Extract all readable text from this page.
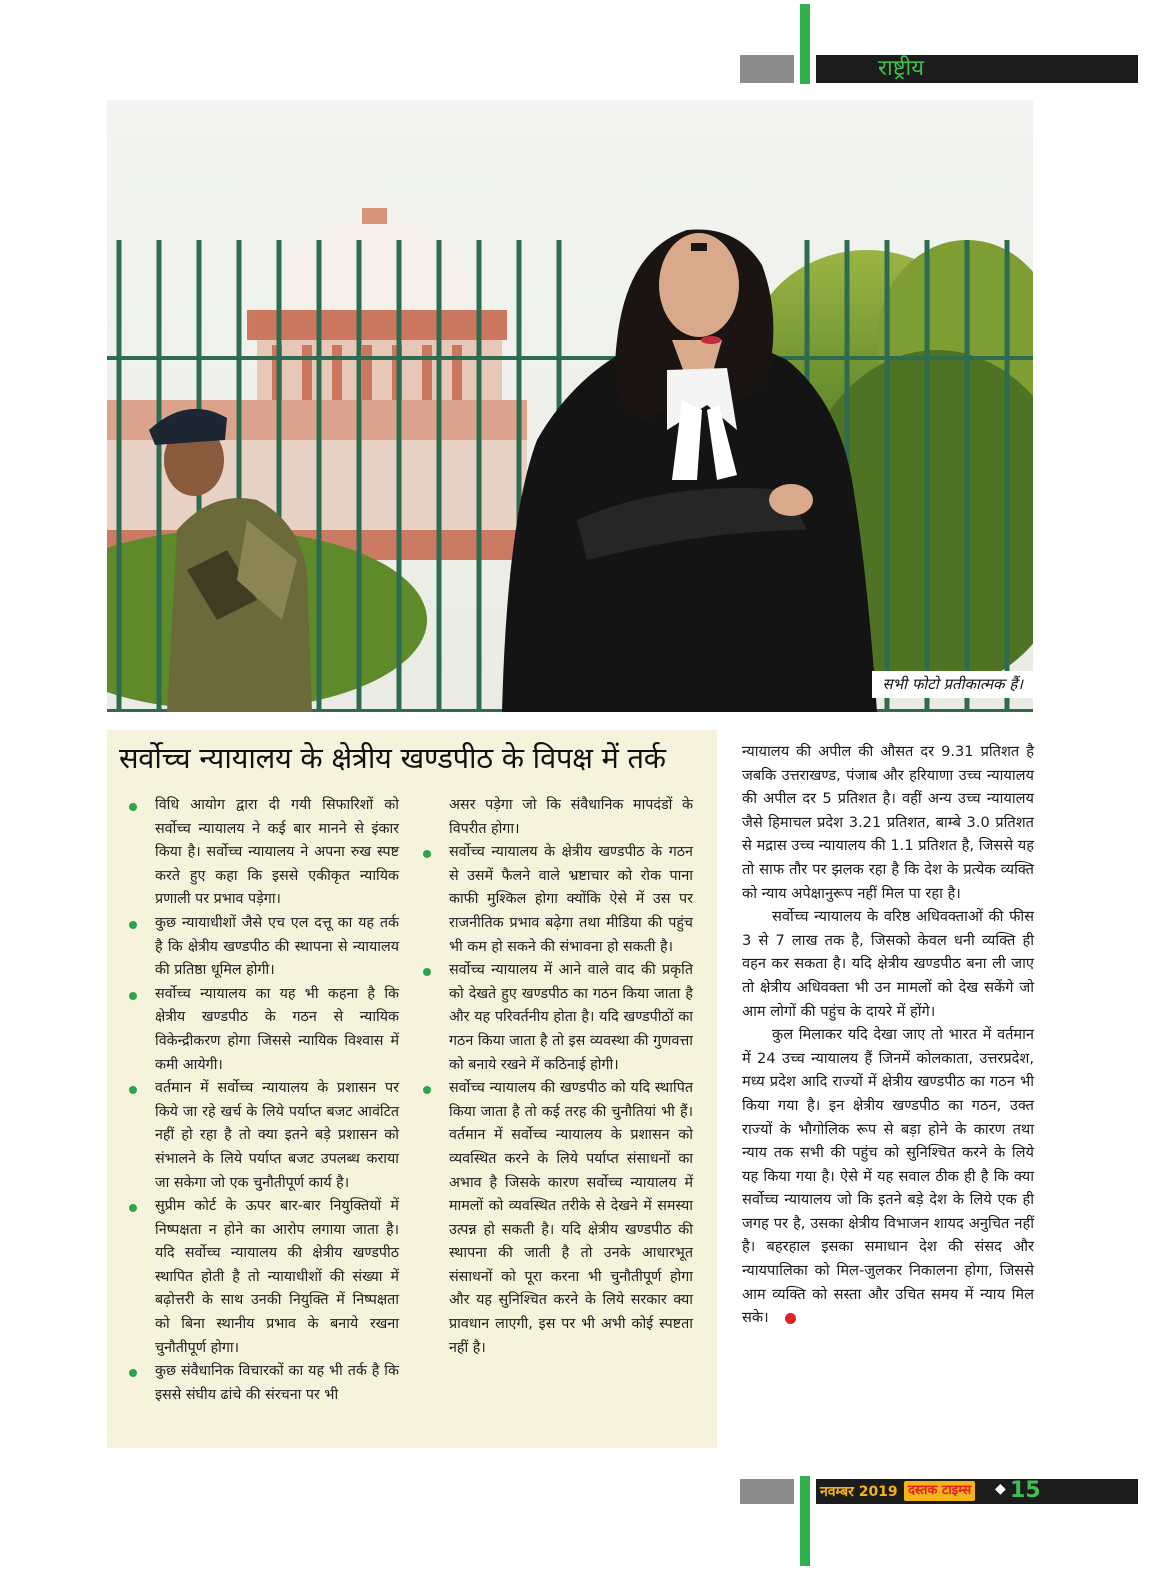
राष्ट्रीय
सभी फोटो प्रतीकात्मक हैं।
सर्वोच्च न्यायालय के क्षेत्रीय खण्डपीठ के विपक्ष में तर्क

विधि आयोग द्वारा दी गयी सिफारिशों को सर्वोच्च न्यायालय ने कई बार मानने से इंकार किया है। सर्वोच्च न्यायालय ने अपना रुख स्पष्ट करते हुए कहा कि इससे एकीकृत न्यायिक प्रणाली पर प्रभाव पड़ेगा।

कुछ न्यायाधीशों जैसे एच एल दत्तू का यह तर्क है कि क्षेत्रीय खण्डपीठ की स्थापना से न्यायालय की प्रतिष्ठा धूमिल होगी।

सर्वोच्च न्यायालय का यह भी कहना है कि क्षेत्रीय खण्डपीठ के गठन से न्यायिक विकेन्द्रीकरण होगा जिससे न्यायिक विश्वास में कमी आयेगी।

वर्तमान में सर्वोच्च न्यायालय के प्रशासन पर किये जा रहे खर्च के लिये पर्याप्त बजट आवंटित नहीं हो रहा है तो क्या इतने बड़े प्रशासन को संभालने के लिये पर्याप्त बजट उपलब्ध कराया जा सकेगा जो एक चुनौतीपूर्ण कार्य है।

सुप्रीम कोर्ट के ऊपर बार-बार नियुक्तियों में निष्पक्षता न होने का आरोप लगाया जाता है। यदि सर्वोच्च न्यायालय की क्षेत्रीय खण्डपीठ स्थापित होती है तो न्यायाधीशों की संख्या में बढ़ोत्तरी के साथ उनकी नियुक्ति में निष्पक्षता को बिना स्थानीय प्रभाव के बनाये रखना चुनौतीपूर्ण होगा।

कुछ संवैधानिक विचारकों का यह भी तर्क है कि इससे संघीय ढांचे की संरचना पर भी

असर पड़ेगा जो कि संवैधानिक मापदंडों के विपरीत होगा।

सर्वोच्च न्यायालय के क्षेत्रीय खण्डपीठ के गठन से उसमें फैलने वाले भ्रष्टाचार को रोक पाना काफी मुश्किल होगा क्योंकि ऐसे में उस पर राजनीतिक प्रभाव बढ़ेगा तथा मीडिया की पहुंच भी कम हो सकने की संभावना हो सकती है।

सर्वोच्च न्यायालय में आने वाले वाद की प्रकृति को देखते हुए खण्डपीठ का गठन किया जाता है और यह परिवर्तनीय होता है। यदि खण्डपीठों का गठन किया जाता है तो इस व्यवस्था की गुणवत्ता को बनाये रखने में कठिनाई होगी।

सर्वोच्च न्यायालय की खण्डपीठ को यदि स्थापित किया जाता है तो कई तरह की चुनौतियां भी हैं। वर्तमान में सर्वोच्च न्यायालय के प्रशासन को व्यवस्थित करने के लिये पर्याप्त संसाधनों का अभाव है जिसके कारण सर्वोच्च न्यायालय में मामलों को व्यवस्थित तरीके से देखने में समस्या उत्पन्न हो सकती है। यदि क्षेत्रीय खण्डपीठ की स्थापना की जाती है तो उनके आधारभूत संसाधनों को पूरा करना भी चुनौतीपूर्ण होगा और यह सुनिश्चित करने के लिये सरकार क्या प्रावधान लाएगी, इस पर भी अभी कोई स्पष्टता नहीं है।

न्यायालय की अपील की औसत दर 9.31 प्रतिशत है जबकि उत्तराखण्ड, पंजाब और हरियाणा उच्च न्यायालय की अपील दर 5 प्रतिशत है। वहीं अन्य उच्च न्यायालय जैसे हिमाचल प्रदेश 3.21 प्रतिशत, बाम्बे 3.0 प्रतिशत से मद्रास उच्च न्यायालय की 1.1 प्रतिशत है, जिससे यह तो साफ तौर पर झलक रहा है कि देश के प्रत्येक व्यक्ति को न्याय अपेक्षानुरूप नहीं मिल पा रहा है।

सर्वोच्च न्यायालय के वरिष्ठ अधिवक्ताओं की फीस 3 से 7 लाख तक है, जिसको केवल धनी व्यक्ति ही वहन कर सकता है। यदि क्षेत्रीय खण्डपीठ बना ली जाए तो क्षेत्रीय अधिवक्ता भी उन मामलों को देख सकेंगे जो आम लोगों की पहुंच के दायरे में होंगे।

कुल मिलाकर यदि देखा जाए तो भारत में वर्तमान में 24 उच्च न्यायालय हैं जिनमें कोलकाता, उत्तरप्रदेश, मध्य प्रदेश आदि राज्यों में क्षेत्रीय खण्डपीठ का गठन भी किया गया है। इन क्षेत्रीय खण्डपीठ का गठन, उक्त राज्यों के भौगोलिक रूप से बड़ा होने के कारण तथा न्याय तक सभी की पहुंच को सुनिश्चित करने के लिये यह किया गया है। ऐसे में यह सवाल ठीक ही है कि क्या सर्वोच्च न्यायालय जो कि इतने बड़े देश के लिये एक ही जगह पर है, उसका क्षेत्रीय विभाजन शायद अनुचित नहीं है। बहरहाल इसका समाधान देश की संसद और न्यायपालिका को मिल-जुलकर निकालना होगा, जिससे आम व्यक्ति को सस्ता और उचित समय में न्याय मिल सके।

नवम्बर 2019 दस्तक टाइम्स ◆ 15
